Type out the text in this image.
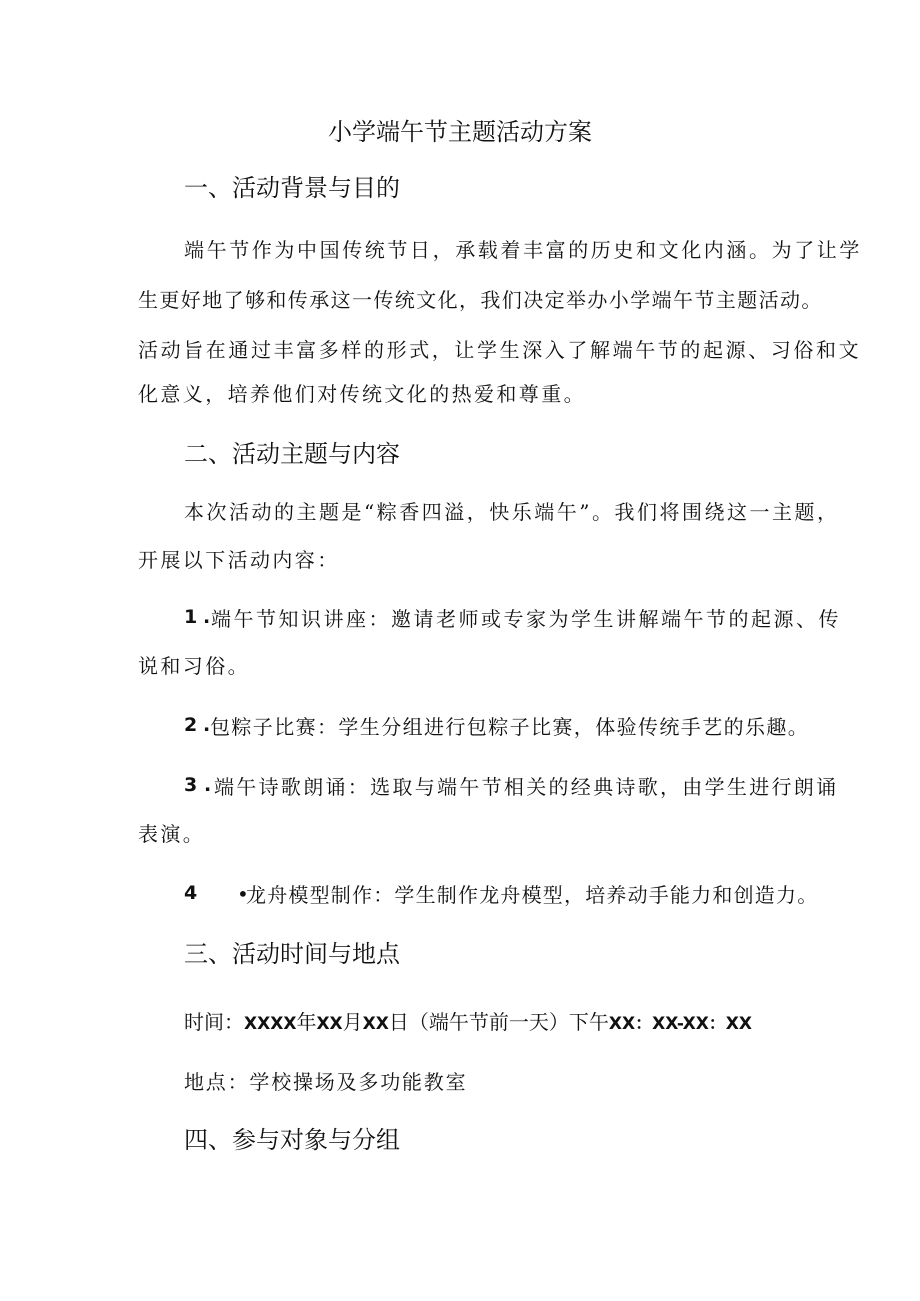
小学端午节主题活动方案
一、活动背景与目的

端午节作为中国传统节日，承载着丰富的历史和文化内涵。为了让学

生更好地了够和传承这一传统文化，我们决定举办小学端午节主题活动。

活动旨在通过丰富多样的形式，让学生深入了解端午节的起源、习俗和文

化意义，培养他们对传统文化的热爱和尊重。

二、活动主题与内容

本次活动的主题是“粽香四溢，快乐端午”。我们将围绕这一主题，

开展以下活动内容：

1 . 端午节知识讲座：邀请老师或专家为学生讲解端午节的起源、传

说和习俗。

2 . 包粽子比赛：学生分组进行包粽子比赛，体验传统手艺的乐趣。

3 . 端午诗歌朗诵：选取与端午节相关的经典诗歌，由学生进行朗诵

表演。

4 •

龙舟模型制作：学生制作龙舟模型，培养动手能力和创造力。

三、活动时间与地点

时间：XXXX年XX月XX日（端午节前一天）下午XX：XX-XX：XX

地点：学校操场及多功能教室

四、参与对象与分组
